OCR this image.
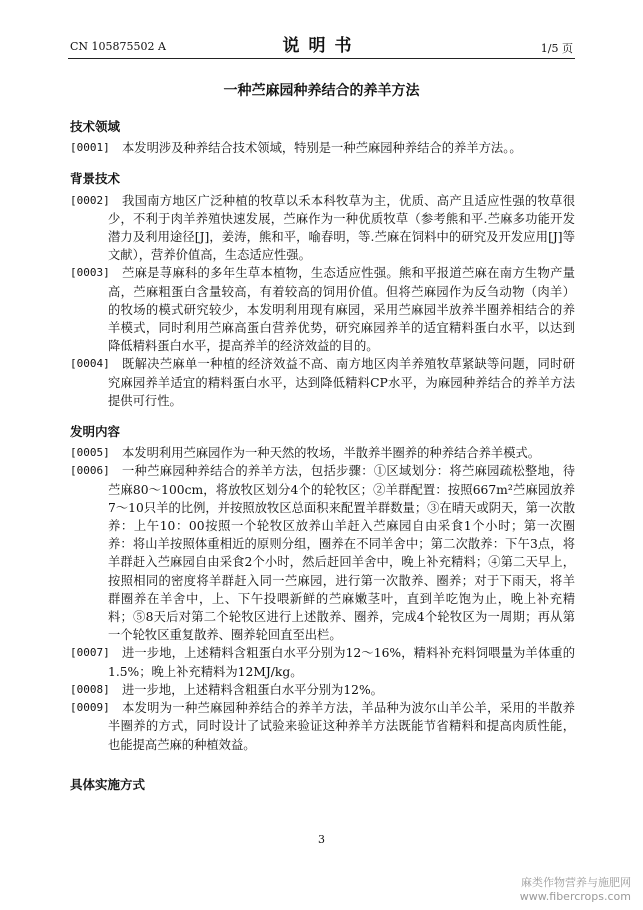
CN 105875502 A	说明书	1/5 页
一种苎麻园种养结合的养羊方法
技术领域
[0001] 本发明涉及种养结合技术领域，特别是一种苎麻园种养结合的养羊方法。。
背景技术
[0002] 我国南方地区广泛种植的牧草以禾本科牧草为主，优质、高产且适应性强的牧草很少，不利于肉羊养殖快速发展，苎麻作为一种优质牧草（参考熊和平.苎麻多功能开发潜力及利用途径[J]，姜涛，熊和平，喻春明，等.苎麻在饲料中的研究及开发应用[J]等文献），营养价值高，生态适应性强。
[0003] 苎麻是荨麻科的多年生草本植物，生态适应性强。熊和平报道苎麻在南方生物产量高，苎麻粗蛋白含量较高，有着较高的饲用价值。但将苎麻园作为反刍动物（肉羊）的牧场的模式研究较少，本发明利用现有麻园，采用苎麻园半放养半圈养相结合的养羊模式，同时利用苎麻高蛋白营养优势，研究麻园养羊的适宜精料蛋白水平，以达到降低精料蛋白水平，提高养羊的经济效益的目的。
[0004] 既解决苎麻单一种植的经济效益不高、南方地区肉羊养殖牧草紧缺等问题，同时研究麻园养羊适宜的精料蛋白水平，达到降低精料CP水平，为麻园种养结合的养羊方法提供可行性。
发明内容
[0005] 本发明利用苎麻园作为一种天然的牧场，半散养半圈养的种养结合养羊模式。
[0006] 一种苎麻园种养结合的养羊方法，包括步骤：①区域划分：将苎麻园疏松整地，待苎麻80～100cm，将放牧区划分4个的轮牧区；②羊群配置：按照667m²苎麻园放养7～10只羊的比例，并按照放牧区总面积来配置羊群数量；③在晴天或阴天，第一次散养：上午10：00按照一个轮牧区放养山羊赶入苎麻园自由采食1个小时；第一次圈养：将山羊按照体重相近的原则分组，圈养在不同羊舍中；第二次散养：下午3点，将羊群赶入苎麻园自由采食2个小时，然后赶回羊舍中，晚上补充精料；④第二天早上，按照相同的密度将羊群赶入同一苎麻园，进行第一次散养、圈养；对于下雨天，将羊群圈养在羊舍中，上、下午投喂新鲜的苎麻嫩茎叶，直到羊吃饱为止，晚上补充精料；⑤8天后对第二个轮牧区进行上述散养、圈养，完成4个轮牧区为一周期；再从第一个轮牧区重复散养、圈养轮回直至出栏。
[0007] 进一步地，上述精料含粗蛋白水平分别为12～16%，精料补充料饲喂量为羊体重的1.5%；晚上补充精料为12MJ/kg。
[0008] 进一步地，上述精料含粗蛋白水平分别为12%。
[0009] 本发明为一种苎麻园种养结合的养羊方法，羊品种为波尔山羊公羊，采用的半散养半圈养的方式，同时设计了试验来验证这种养羊方法既能节省精料和提高肉质性能，也能提高苎麻的种植效益。
具体实施方式
3
麻类作物营养与施肥网
www.fibercrops.com
